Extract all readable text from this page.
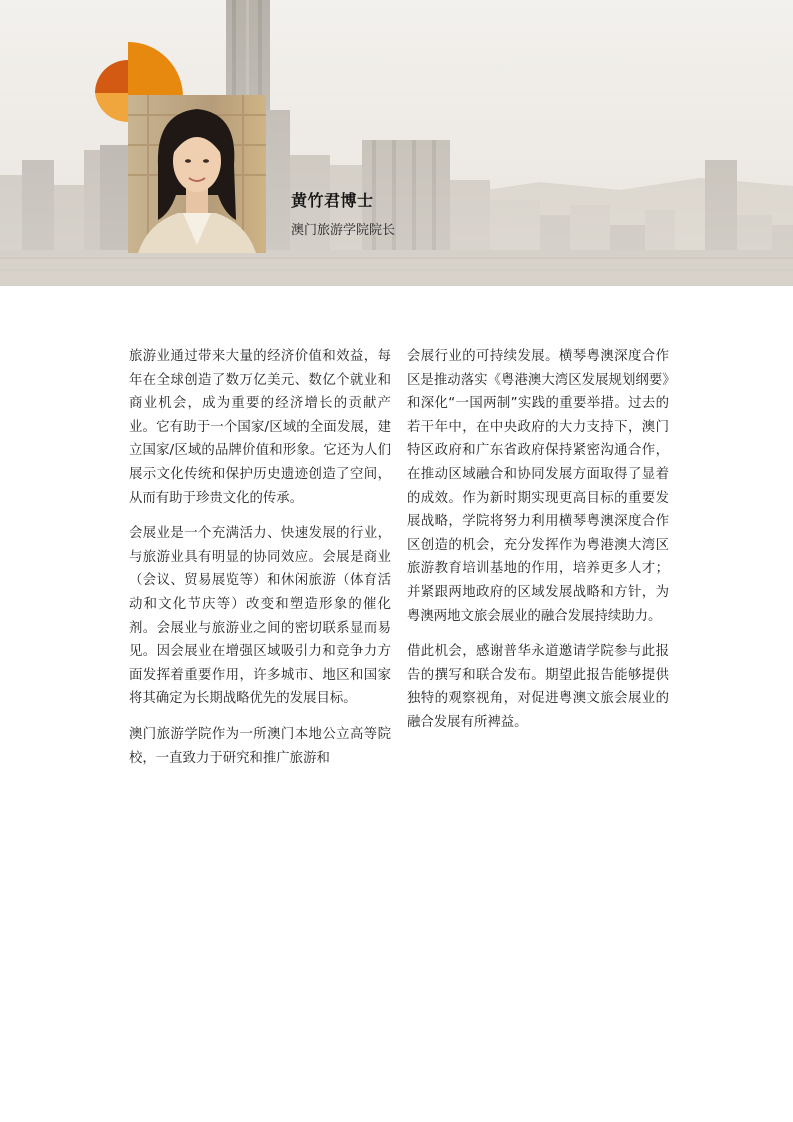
黄竹君博士
澳门旅游学院院长

旅游业通过带来大量的经济价值和效益，每年在全球创造了数万亿美元、数亿个就业和商业机会，成为重要的经济增长的贡献产业。它有助于一个国家/区域的全面发展，建立国家/区域的品牌价值和形象。它还为人们展示文化传统和保护历史遗迹创造了空间，从而有助于珍贵文化的传承。

会展业是一个充满活力、快速发展的行业，与旅游业具有明显的协同效应。会展是商业（会议、贸易展览等）和休闲旅游（体育活动和文化节庆等）改变和塑造形象的催化剂。会展业与旅游业之间的密切联系显而易见。因会展业在增强区域吸引力和竞争力方面发挥着重要作用，许多城市、地区和国家将其确定为长期战略优先的发展目标。

澳门旅游学院作为一所澳门本地公立高等院校，一直致力于研究和推广旅游和

会展行业的可持续发展。横琴粤澳深度合作区是推动落实《粤港澳大湾区发展规划纲要》和深化“一国两制”实践的重要举措。过去的若干年中，在中央政府的大力支持下，澳门特区政府和广东省政府保持紧密沟通合作，在推动区域融合和协同发展方面取得了显着的成效。作为新时期实现更高目标的重要发展战略，学院将努力利用横琴粤澳深度合作区创造的机会，充分发挥作为粤港澳大湾区旅游教育培训基地的作用，培养更多人才；并紧跟两地政府的区域发展战略和方针，为粤澳两地文旅会展业的融合发展持续助力。

借此机会，感谢普华永道邀请学院参与此报告的撰写和联合发布。期望此报告能够提供独特的观察视角，对促进粤澳文旅会展业的融合发展有所裨益。
